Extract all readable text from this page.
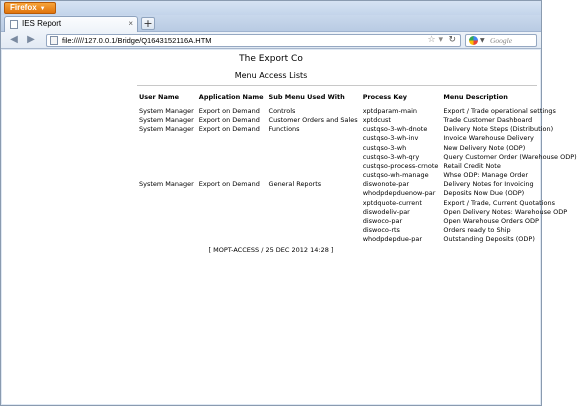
Firefox ▼
IES Report	× +
◀ ▶	file://///127.0.0.1/Bridge/Q1643152116A.HTM	☆ ▾ ↻	▼ Google
The Export Co
Menu Access Lists
User Name	Application Name	Sub Menu Used With	Process Key	Menu Description
System Manager	Export on Demand	Controls	xptdparam-main	Export / Trade operational settings
System Manager	Export on Demand	Customer Orders and Sales	xptdcust	Trade Customer Dashboard
System Manager	Export on Demand	Functions	custqso-3-wh-dnote	Delivery Note Steps (Distribution)
			custqso-3-wh-inv	Invoice Warehouse Delivery
			custqso-3-wh	New Delivery Note (ODP)
			custqso-3-wh-qry	Query Customer Order (Warehouse ODP)
			custqso-process-crnote	Retail Credit Note
			custqso-wh-manage	Whse ODP: Manage Order
System Manager	Export on Demand	General Reports	diswonote-par	Delivery Notes for Invoicing
			whodpdepduenow-par	Deposits Now Due (ODP)
			xptdquote-current	Export / Trade, Current Quotations
			diswodeliv-par	Open Delivery Notes: Warehouse ODP
			diswoco-par	Open Warehouse Orders ODP
			diswoco-rts	Orders ready to Ship
			whodpdepdue-par	Outstanding Deposits (ODP)
[ MOPT-ACCESS / 25 DEC 2012 14:28 ]
